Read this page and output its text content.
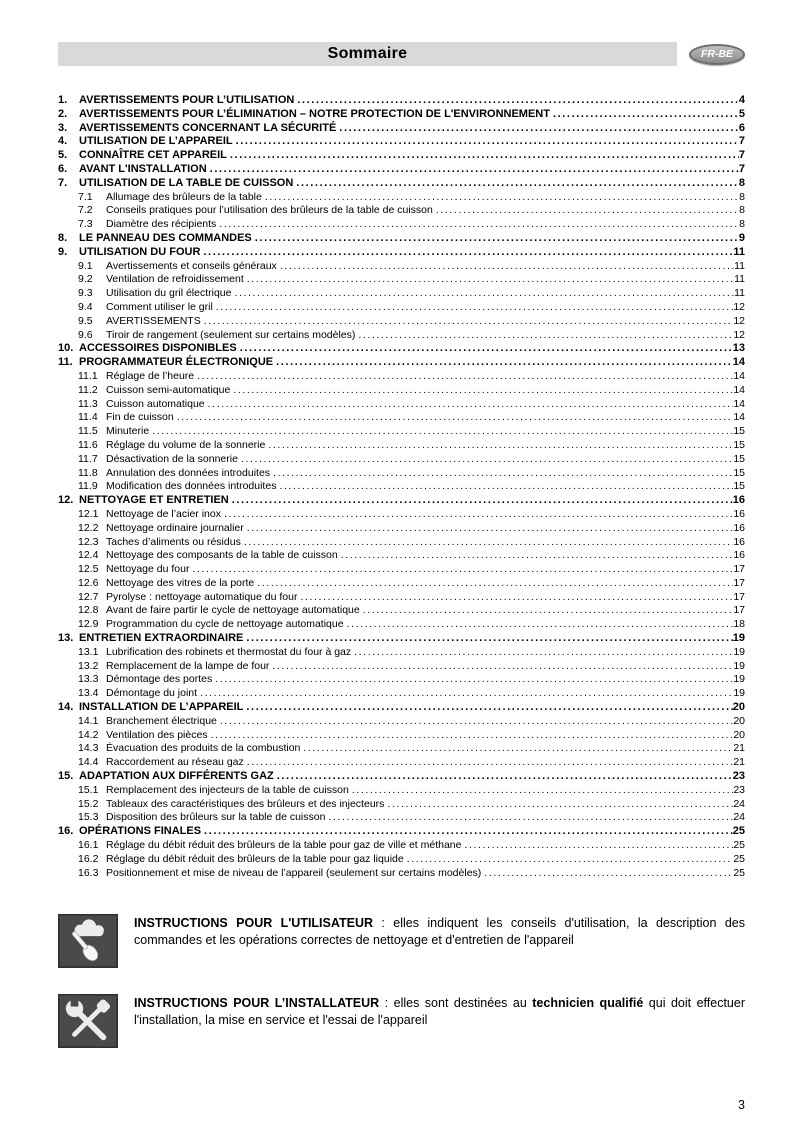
Sommaire	FR-BE
1.	AVERTISSEMENTS POUR L’UTILISATION .....	4
2.	AVERTISSEMENTS POUR L’ÉLIMINATION – NOTRE PROTECTION DE L'ENVIRONNEMENT .....	5
3.	AVERTISSEMENTS CONCERNANT LA SÉCURITÉ .....	6
4.	UTILISATION DE L’APPAREIL .....	7
5.	CONNAÎTRE CET APPAREIL .....	7
6.	AVANT L'INSTALLATION .....	7
7.	UTILISATION DE LA TABLE DE CUISSON .....	8
7.1	Allumage des brûleurs de la table .....	8
7.2	Conseils pratiques pour l’utilisation des brûleurs de la table de cuisson .....	8
7.3	Diamètre des récipients .....	8
8.	LE PANNEAU DES COMMANDES .....	9
9.	UTILISATION DU FOUR .....	11
9.1	Avertissements et conseils généraux .....	11
9.2	Ventilation de refroidissement .....	11
9.3	Utilisation du gril électrique .....	11
9.4	Comment utiliser le gril .....	12
9.5	AVERTISSEMENTS .....	12
9.6	Tiroir de rangement (seulement sur certains modèles) .....	12
10. ACCESSOIRES DISPONIBLES .....	13
11. PROGRAMMATEUR ÉLECTRONIQUE .....	14
11.1 Réglage de l’heure .....	14
11.2 Cuisson semi-automatique .....	14
11.3 Cuisson automatique .....	14
11.4 Fin de cuisson .....	14
11.5 Minuterie .....	15
11.6 Réglage du volume de la sonnerie .....	15
11.7 Désactivation de la sonnerie .....	15
11.8 Annulation des données introduites .....	15
11.9 Modification des données introduites .....	15
12. NETTOYAGE ET ENTRETIEN .....	16
12.1 Nettoyage de l’acier inox .....	16
12.2 Nettoyage ordinaire journalier .....	16
12.3 Taches d’aliments ou résidus .....	16
12.4 Nettoyage des composants de la table de cuisson .....	16
12.5 Nettoyage du four .....	17
12.6 Nettoyage des vitres de la porte .....	17
12.7 Pyrolyse : nettoyage automatique du four .....	17
12.8 Avant de faire partir le cycle de nettoyage automatique .....	17
12.9 Programmation du cycle de nettoyage automatique .....	18
13. ENTRETIEN EXTRAORDINAIRE .....	19
13.1 Lubrification des robinets et thermostat du four à gaz .....	19
13.2 Remplacement de la lampe de four .....	19
13.3 Démontage des portes .....	19
13.4 Démontage du joint .....	19
14. INSTALLATION DE L’APPAREIL .....	20
14.1 Branchement électrique .....	20
14.2 Ventilation des pièces .....	20
14.3 Évacuation des produits de la combustion .....	21
14.4 Raccordement au réseau gaz .....	21
15. ADAPTATION AUX DIFFÉRENTS GAZ .....	23
15.1 Remplacement des injecteurs de la table de cuisson .....	23
15.2 Tableaux des caractéristiques des brûleurs et des injecteurs .....	24
15.3 Disposition des brûleurs sur la table de cuisson .....	24
16. OPÉRATIONS FINALES .....	25
16.1 Réglage du débit réduit des brûleurs de la table pour gaz de ville et méthane .....	25
16.2 Réglage du débit réduit des brûleurs de la table pour gaz liquide .....	25
16.3 Positionnement et mise de niveau de l’appareil (seulement sur certains modèles) .....	25

INSTRUCTIONS POUR L'UTILISATEUR : elles indiquent les conseils d'utilisation, la description des commandes et les opérations correctes de nettoyage et d'entretien de l'appareil

INSTRUCTIONS POUR L’INSTALLATEUR : elles sont destinées au technicien qualifié qui doit effectuer l'installation, la mise en service et l'essai de l'appareil

3
